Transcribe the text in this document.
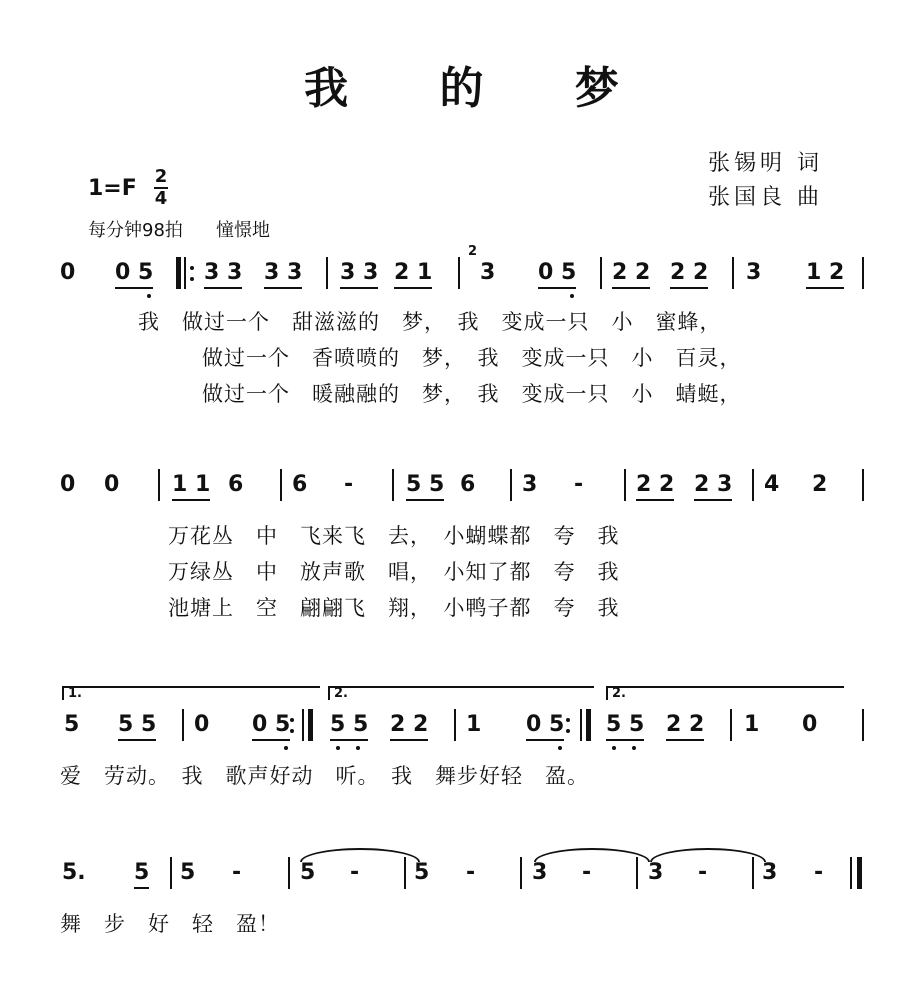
我 的 梦
张锡明 词
张国良 曲
1=F 2
4
每分钟98拍 憧憬地
0 0 5 3 3 3 3 3 3 2 1
2
3 0 5 2 2 2 2 3 1 2
我　做过一个　甜滋滋的　梦，　我　变成一只　小　蜜蜂，
做过一个　香喷喷的　梦，　我　变成一只　小　百灵，
做过一个　暖融融的　梦，　我　变成一只　小　蜻蜓，
0 0 1 1 6 6 - 5 5 6 3 - 2 2 2 3 4 2
万花丛　中　飞来飞　去，　小蝴蝶都　夸　我
万绿丛　中　放声歌　唱，　小知了都　夸　我
池塘上　空　翩翩飞　翔，　小鸭子都　夸　我
1.	2.	2.
5 5 5 0 0 5 5 5 2 2 1 0 5 5 5 2 2 1 0
爱　劳动。　我　歌声好动　听。　我　舞步好轻　盈。
5. 5 5 -	5 - 5 -	3 -	3 - 3 -
舞　步　好　轻　盈！
